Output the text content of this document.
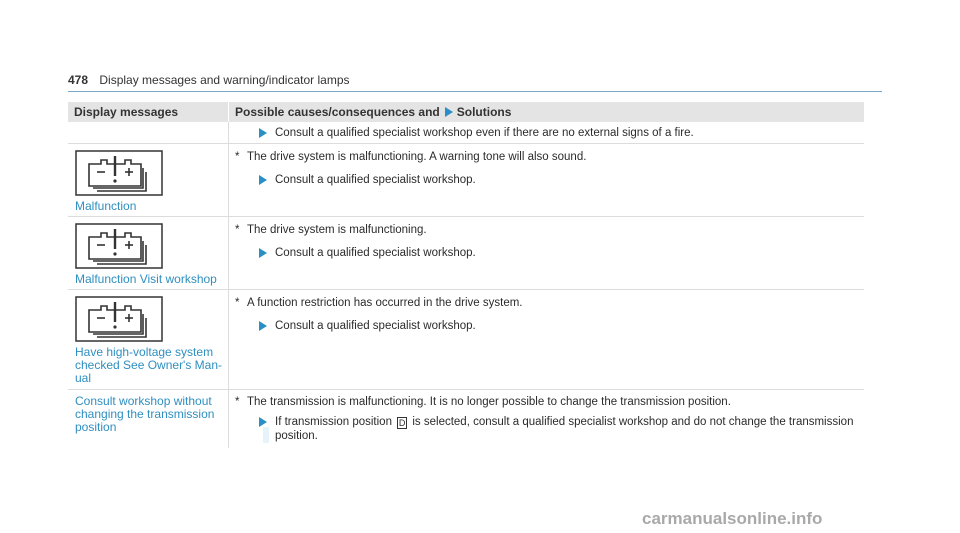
478 Display messages and warning/indicator lamps
Display messages	Possible causes/consequences and Solutions
Consult a qualified specialist workshop even if there are no external signs of a fire.
Malfunction
* The drive system is malfunctioning. A warning tone will also sound.
Consult a qualified specialist workshop.
Malfunction Visit workshop
* The drive system is malfunctioning.
Consult a qualified specialist workshop.
Have high-voltage system
checked See Owner's Man-
ual
* A function restriction has occurred in the drive system.
Consult a qualified specialist workshop.
Consult workshop without
changing the transmission
position
* The transmission is malfunctioning. It is no longer possible to change the transmission position.
If transmission position D is selected, consult a qualified specialist workshop and do not change the transmission
position.
carmanualsonline.info
